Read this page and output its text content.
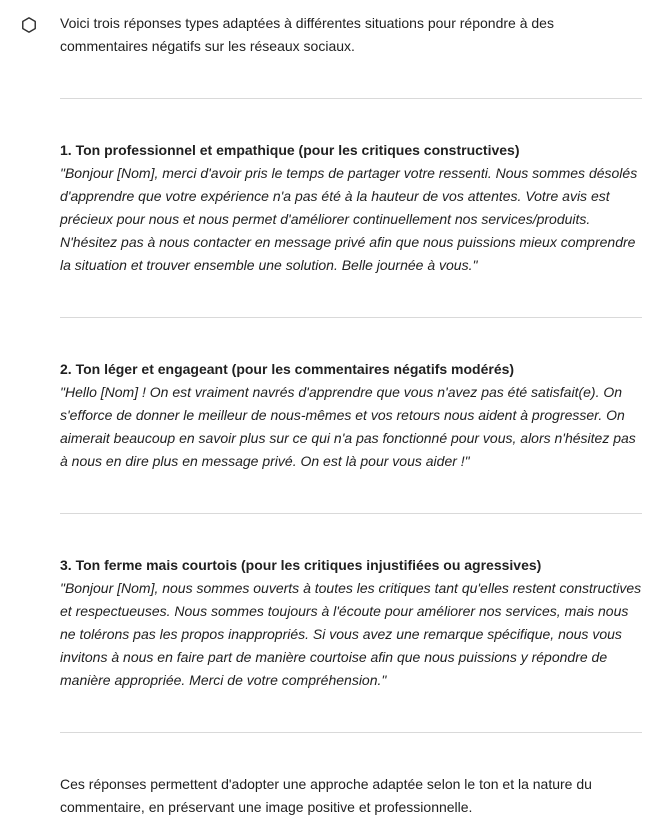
Voici trois réponses types adaptées à différentes situations pour répondre à des commentaires négatifs sur les réseaux sociaux.

1. Ton professionnel et empathique (pour les critiques constructives)

"Bonjour [Nom], merci d'avoir pris le temps de partager votre ressenti. Nous sommes désolés d'apprendre que votre expérience n'a pas été à la hauteur de vos attentes. Votre avis est précieux pour nous et nous permet d'améliorer continuellement nos services/produits. N'hésitez pas à nous contacter en message privé afin que nous puissions mieux comprendre la situation et trouver ensemble une solution. Belle journée à vous."

2. Ton léger et engageant (pour les commentaires négatifs modérés)

"Hello [Nom] ! On est vraiment navrés d'apprendre que vous n'avez pas été satisfait(e). On s'efforce de donner le meilleur de nous-mêmes et vos retours nous aident à progresser. On aimerait beaucoup en savoir plus sur ce qui n'a pas fonctionné pour vous, alors n'hésitez pas à nous en dire plus en message privé. On est là pour vous aider !"

3. Ton ferme mais courtois (pour les critiques injustifiées ou agressives)

"Bonjour [Nom], nous sommes ouverts à toutes les critiques tant qu'elles restent constructives et respectueuses. Nous sommes toujours à l'écoute pour améliorer nos services, mais nous ne tolérons pas les propos inappropriés. Si vous avez une remarque spécifique, nous vous invitons à nous en faire part de manière courtoise afin que nous puissions y répondre de manière appropriée. Merci de votre compréhension."

Ces réponses permettent d'adopter une approche adaptée selon le ton et la nature du commentaire, en préservant une image positive et professionnelle.
